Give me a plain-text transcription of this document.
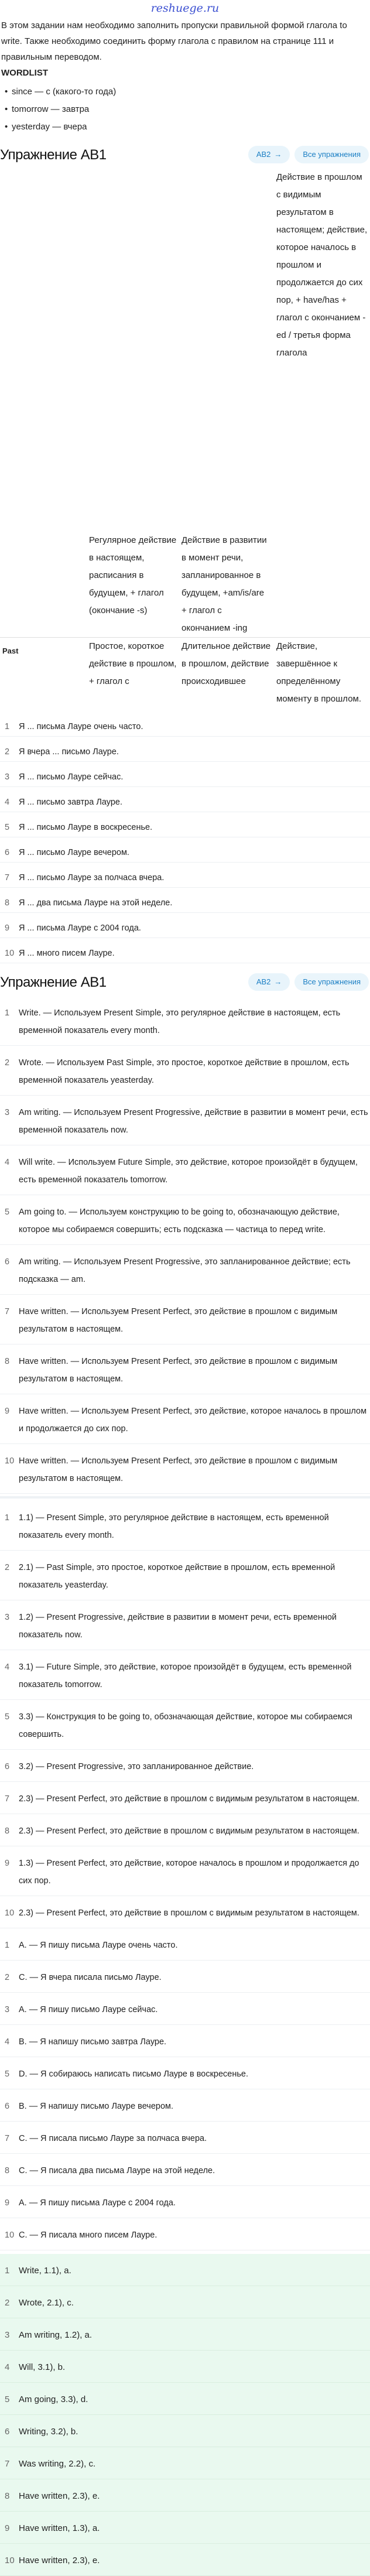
reshuege.ru

В этом задании нам необходимо заполнить пропуски правильной формой глагола to write. Также необходимо соединить форму глагола с правилом на странице 111 и правильным переводом.

WORDLIST
• since — с (какого-то года)
• tomorrow — завтра
• yesterday — вчера
Упражнение AB1	AB2 →	Все упражнения
	Регулярное действие в настоящем, расписания в будущем, + глагол (окончание -s)	Действие в развитии в момент речи, запланированное в будущем, +am/is/are + глагол с окончанием -ing	Действие в прошлом с видимым результатом в настоящем; действие, которое началось в прошлом и продолжается до сих пор, + have/has + глагол с окончанием -ed / третья форма глагола
Past	Простое, короткое действие в прошлом, + глагол с	Длительное действие в прошлом, действие происходившее	Действие, завершённое к определённому моменту в прошлом.
1	Я ... письма Лауре очень часто.
2	Я вчера ... письмо Лауре.
3	Я ... письмо Лауре сейчас.
4	Я ... письмо завтра Лауре.
5	Я ... письмо Лауре в воскресенье.
6	Я ... письмо Лауре вечером.
7	Я ... письмо Лауре за полчаса вчера.
8	Я ... два письма Лауре на этой неделе.
9	Я ... письма Лауре с 2004 года.
10 Я ... много писем Лауре.
Упражнение AB1	AB2 →	Все упражнения
1	Write. — Используем Present Simple, это регулярное действие в настоящем, есть временной показатель every month.
2	Wrote. — Используем Past Simple, это простое, короткое действие в прошлом, есть временной показатель yeasterday.
3	Am writing. — Используем Present Progressive, действие в развитии в момент речи, есть временной показатель now.
4	Will write. — Используем Future Simple, это действие, которое произойдёт в будущем, есть временной показатель tomorrow.
5	Am going to. — Используем конструкцию to be going to, обозначающую действие, которое мы собираемся совершить; есть подсказка — частица to перед write.
6	Am writing. — Используем Present Progressive, это запланированное действие; есть подсказка — am.
7	Have written. — Используем Present Perfect, это действие в прошлом с видимым результатом в настоящем.
8	Have written. — Используем Present Perfect, это действие в прошлом с видимым результатом в настоящем.
9	Have written. — Используем Present Perfect, это действие, которое началось в прошлом и продолжается до сих пор.
10 Have written. — Используем Present Perfect, это действие в прошлом с видимым результатом в настоящем.
1	1.1) — Present Simple, это регулярное действие в настоящем, есть временной показатель every month.
2	2.1) — Past Simple, это простое, короткое действие в прошлом, есть временной показатель yeasterday.
3	1.2) — Present Progressive, действие в развитии в момент речи, есть временной показатель now.
4	3.1) — Future Simple, это действие, которое произойдёт в будущем, есть временной показатель tomorrow.
5	3.3) — Конструкция to be going to, обозначающая действие, которое мы собираемся совершить.
6	3.2) — Present Progressive, это запланированное действие.
7	2.3) — Present Perfect, это действие в прошлом с видимым результатом в настоящем.
8	2.3) — Present Perfect, это действие в прошлом с видимым результатом в настоящем.
9	1.3) — Present Perfect, это действие, которое началось в прошлом и продолжается до сих пор.
10 2.3) — Present Perfect, это действие в прошлом с видимым результатом в настоящем.
1	А. — Я пишу письма Лауре очень часто.
2	С. — Я вчера писала письмо Лауре.
3	А. — Я пишу письмо Лауре сейчас.
4	В. — Я напишу письмо завтра Лауре.
5	D. — Я собираюсь написать письмо Лауре в воскресенье.
6	В. — Я напишу письмо Лауре вечером.
7	С. — Я писала письмо Лауре за полчаса вчера.
8	С. — Я писала два письма Лауре на этой неделе.
9	А. — Я пишу письма Лауре с 2004 года.
10 С. — Я писала много писем Лауре.
1	Write, 1.1), а.
2	Wrote, 2.1), с.
3	Am writing, 1.2), а.
4	Will, 3.1), b.
5	Am going, 3.3), d.
6	Writing, 3.2), b.
7	Was writing, 2.2), с.
8	Have written, 2.3), е.
9	Have written, 1.3), а.
10 Have written, 2.3), е.
